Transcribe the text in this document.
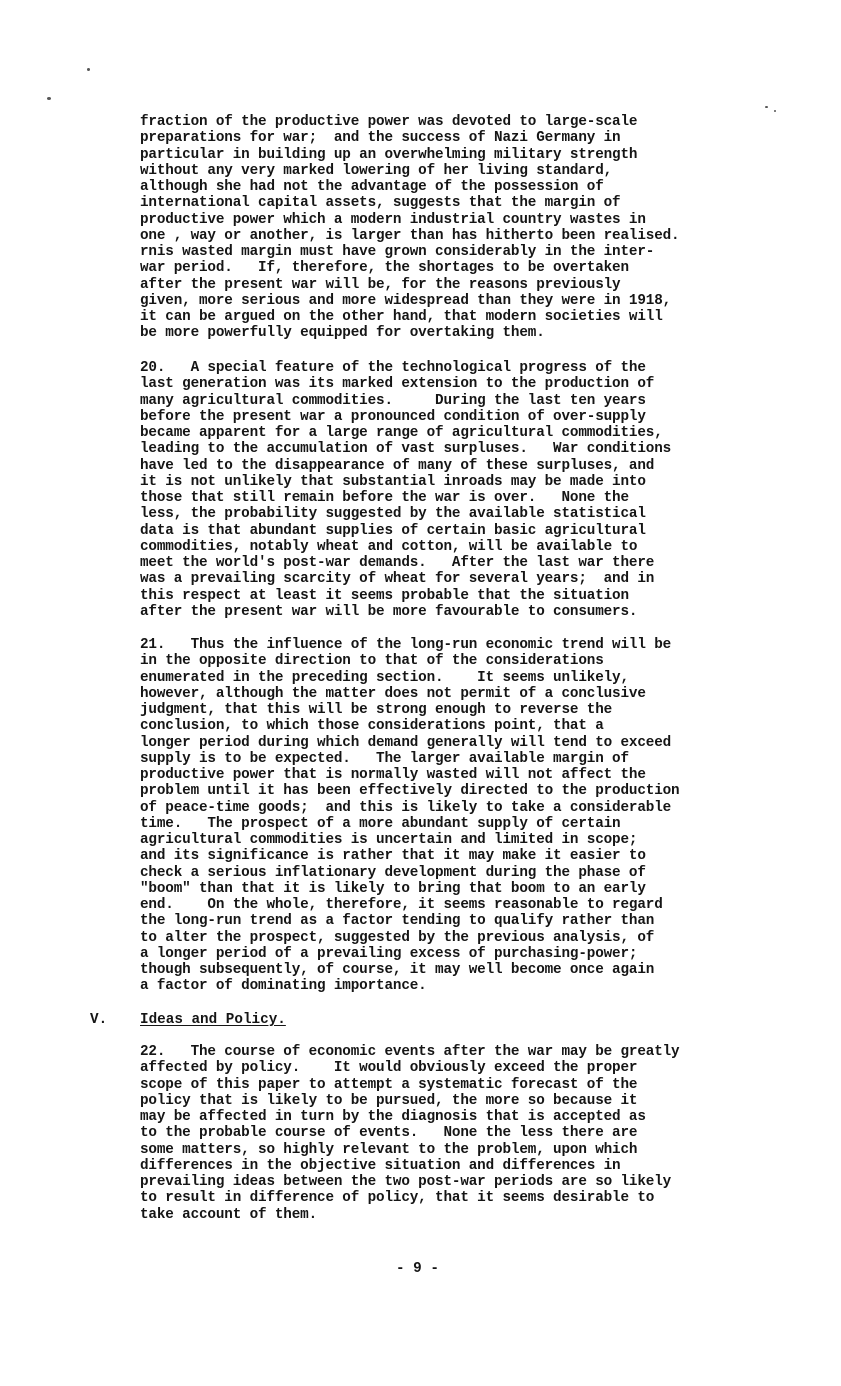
fraction of the productive power was devoted to large-scale
preparations for war;  and the success of Nazi Germany in
particular in building up an overwhelming military strength
without any very marked lowering of her living standard,
although she had not the advantage of the possession of
international capital assets, suggests that the margin of
productive power which a modern industrial country wastes in
one , way or another, is larger than has hitherto been realised.
rnis wasted margin must have grown considerably in the inter-
war period.   If, therefore, the shortages to be overtaken
after the present war will be, for the reasons previously
given, more serious and more widespread than they were in 1918,
it can be argued on the other hand, that modern societies will
be more powerfully equipped for overtaking them.

20.   A special feature of the technological progress of the
last generation was its marked extension to the production of
many agricultural commodities.     During the last ten years
before the present war a pronounced condition of over-supply
became apparent for a large range of agricultural commodities,
leading to the accumulation of vast surpluses.   War conditions
have led to the disappearance of many of these surpluses, and
it is not unlikely that substantial inroads may be made into
those that still remain before the war is over.   None the
less, the probability suggested by the available statistical
data is that abundant supplies of certain basic agricultural
commodities, notably wheat and cotton, will be available to
meet the world's post-war demands.   After the last war there
was a prevailing scarcity of wheat for several years;  and in
this respect at least it seems probable that the situation
after the present war will be more favourable to consumers.

21.   Thus the influence of the long-run economic trend will be
in the opposite direction to that of the considerations
enumerated in the preceding section.    It seems unlikely,
however, although the matter does not permit of a conclusive
judgment, that this will be strong enough to reverse the
conclusion, to which those considerations point, that a
longer period during which demand generally will tend to exceed
supply is to be expected.   The larger available margin of
productive power that is normally wasted will not affect the
problem until it has been effectively directed to the production
of peace-time goods;  and this is likely to take a considerable
time.   The prospect of a more abundant supply of certain
agricultural commodities is uncertain and limited in scope;
and its significance is rather that it may make it easier to
check a serious inflationary development during the phase of
"boom" than that it is likely to bring that boom to an early
end.    On the whole, therefore, it seems reasonable to regard
the long-run trend as a factor tending to qualify rather than
to alter the prospect, suggested by the previous analysis, of
a longer period of a prevailing excess of purchasing-power;
though subsequently, of course, it may well become once again
a factor of dominating importance.

V. Ideas and Policy.

22.   The course of economic events after the war may be greatly
affected by policy.    It would obviously exceed the proper
scope of this paper to attempt a systematic forecast of the
policy that is likely to be pursued, the more so because it
may be affected in turn by the diagnosis that is accepted as
to the probable course of events.   None the less there are
some matters, so highly relevant to the problem, upon which
differences in the objective situation and differences in
prevailing ideas between the two post-war periods are so likely
to result in difference of policy, that it seems desirable to
take account of them.

- 9 -
